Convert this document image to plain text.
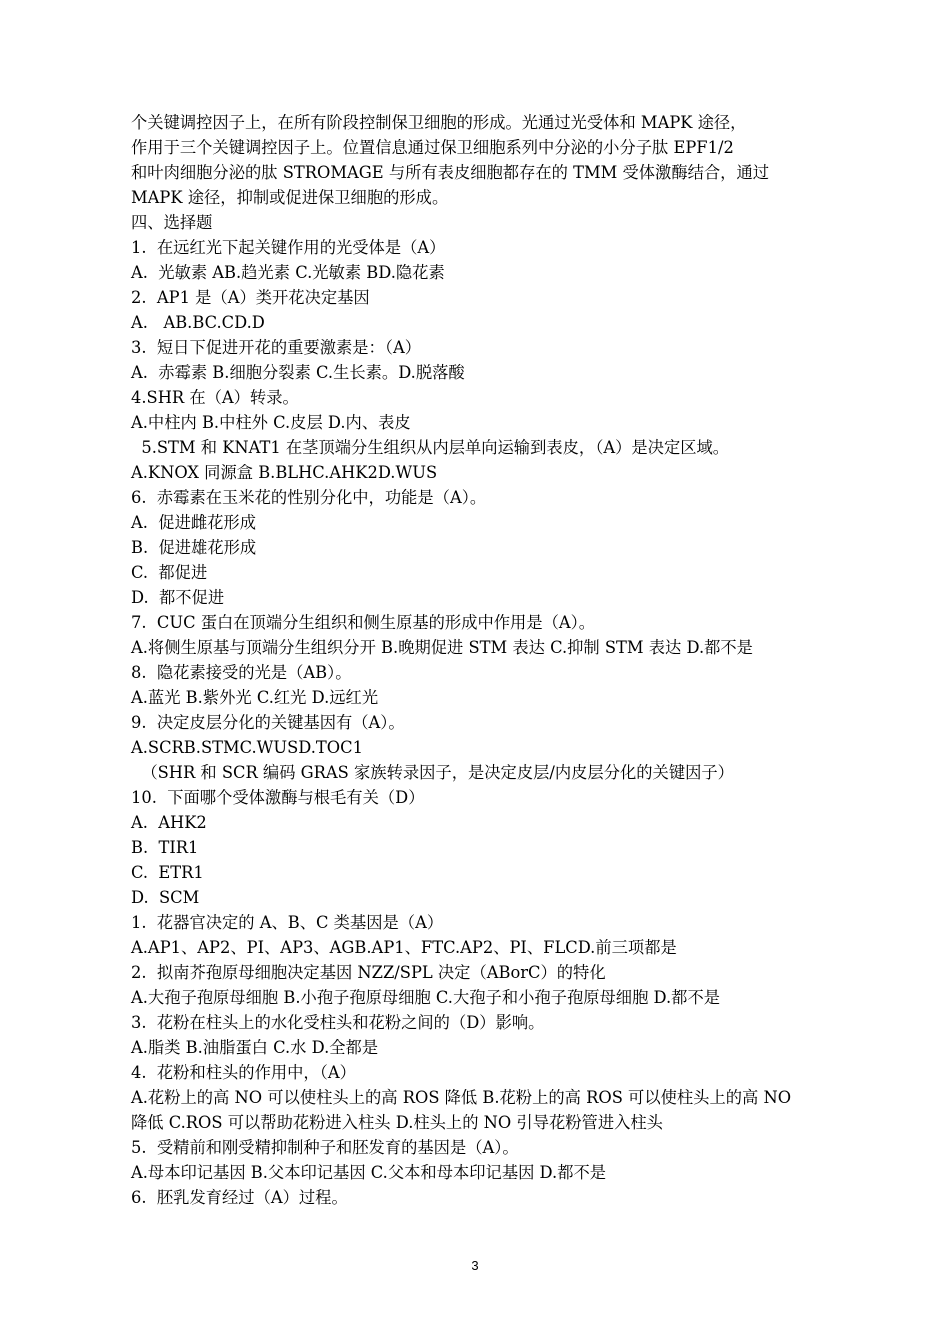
个关键调控因子上，在所有阶段控制保卫细胞的形成。光通过光受体和 MAPK 途径，
作用于三个关键调控因子上。位置信息通过保卫细胞系列中分泌的小分子肽 EPF1/2
和叶肉细胞分泌的肽 STROMAGE 与所有表皮细胞都存在的 TMM 受体激酶结合，通过
MAPK 途径，抑制或促进保卫细胞的形成。
四、选择题
1.  在远红光下起关键作用的光受体是（A）
A.  光敏素 AB.趋光素 C.光敏素 BD.隐花素
2.  AP1 是（A）类开花决定基因
A.   AB.BC.CD.D
3.  短日下促进开花的重要激素是：（A）
A.  赤霉素 B.细胞分裂素 C.生长素。D.脱落酸
4.SHR 在（A）转录。
A.中柱内 B.中柱外 C.皮层 D.内、表皮
5.STM 和 KNAT1 在茎顶端分生组织从内层单向运输到表皮，（A）是决定区域。
A.KNOX 同源盒 B.BLHC.AHK2D.WUS
6.  赤霉素在玉米花的性别分化中，功能是（A）。
A.  促进雌花形成
B.  促进雄花形成
C.  都促进
D.  都不促进
7.  CUC 蛋白在顶端分生组织和侧生原基的形成中作用是（A）。
A.将侧生原基与顶端分生组织分开 B.晚期促进 STM 表达 C.抑制 STM 表达 D.都不是
8.  隐花素接受的光是（AB）。
A.蓝光 B.紫外光 C.红光 D.远红光
9.  决定皮层分化的关键基因有（A）。
A.SCRB.STMC.WUSD.TOC1
（SHR 和 SCR 编码 GRAS 家族转录因子，是决定皮层/内皮层分化的关键因子）
10.  下面哪个受体激酶与根毛有关（D）
A.  AHK2
B.  TIR1
C.  ETR1
D.  SCM
1.  花器官决定的 A、B、C 类基因是（A）
A.AP1、AP2、PI、AP3、AGB.AP1、FTC.AP2、PI、FLCD.前三项都是
2.  拟南芥孢原母细胞决定基因 NZZ/SPL 决定（ABorC）的特化
A.大孢子孢原母细胞 B.小孢子孢原母细胞 C.大孢子和小孢子孢原母细胞 D.都不是
3.  花粉在柱头上的水化受柱头和花粉之间的（D）影响。
A.脂类 B.油脂蛋白 C.水 D.全都是
4.  花粉和柱头的作用中，（A）
A.花粉上的高 NO 可以使柱头上的高 ROS 降低 B.花粉上的高 ROS 可以使柱头上的高 NO
降低 C.ROS 可以帮助花粉进入柱头 D.柱头上的 NO 引导花粉管进入柱头
5.  受精前和刚受精抑制种子和胚发育的基因是（A）。
A.母本印记基因 B.父本印记基因 C.父本和母本印记基因 D.都不是
6.  胚乳发育经过（A）过程。
3
